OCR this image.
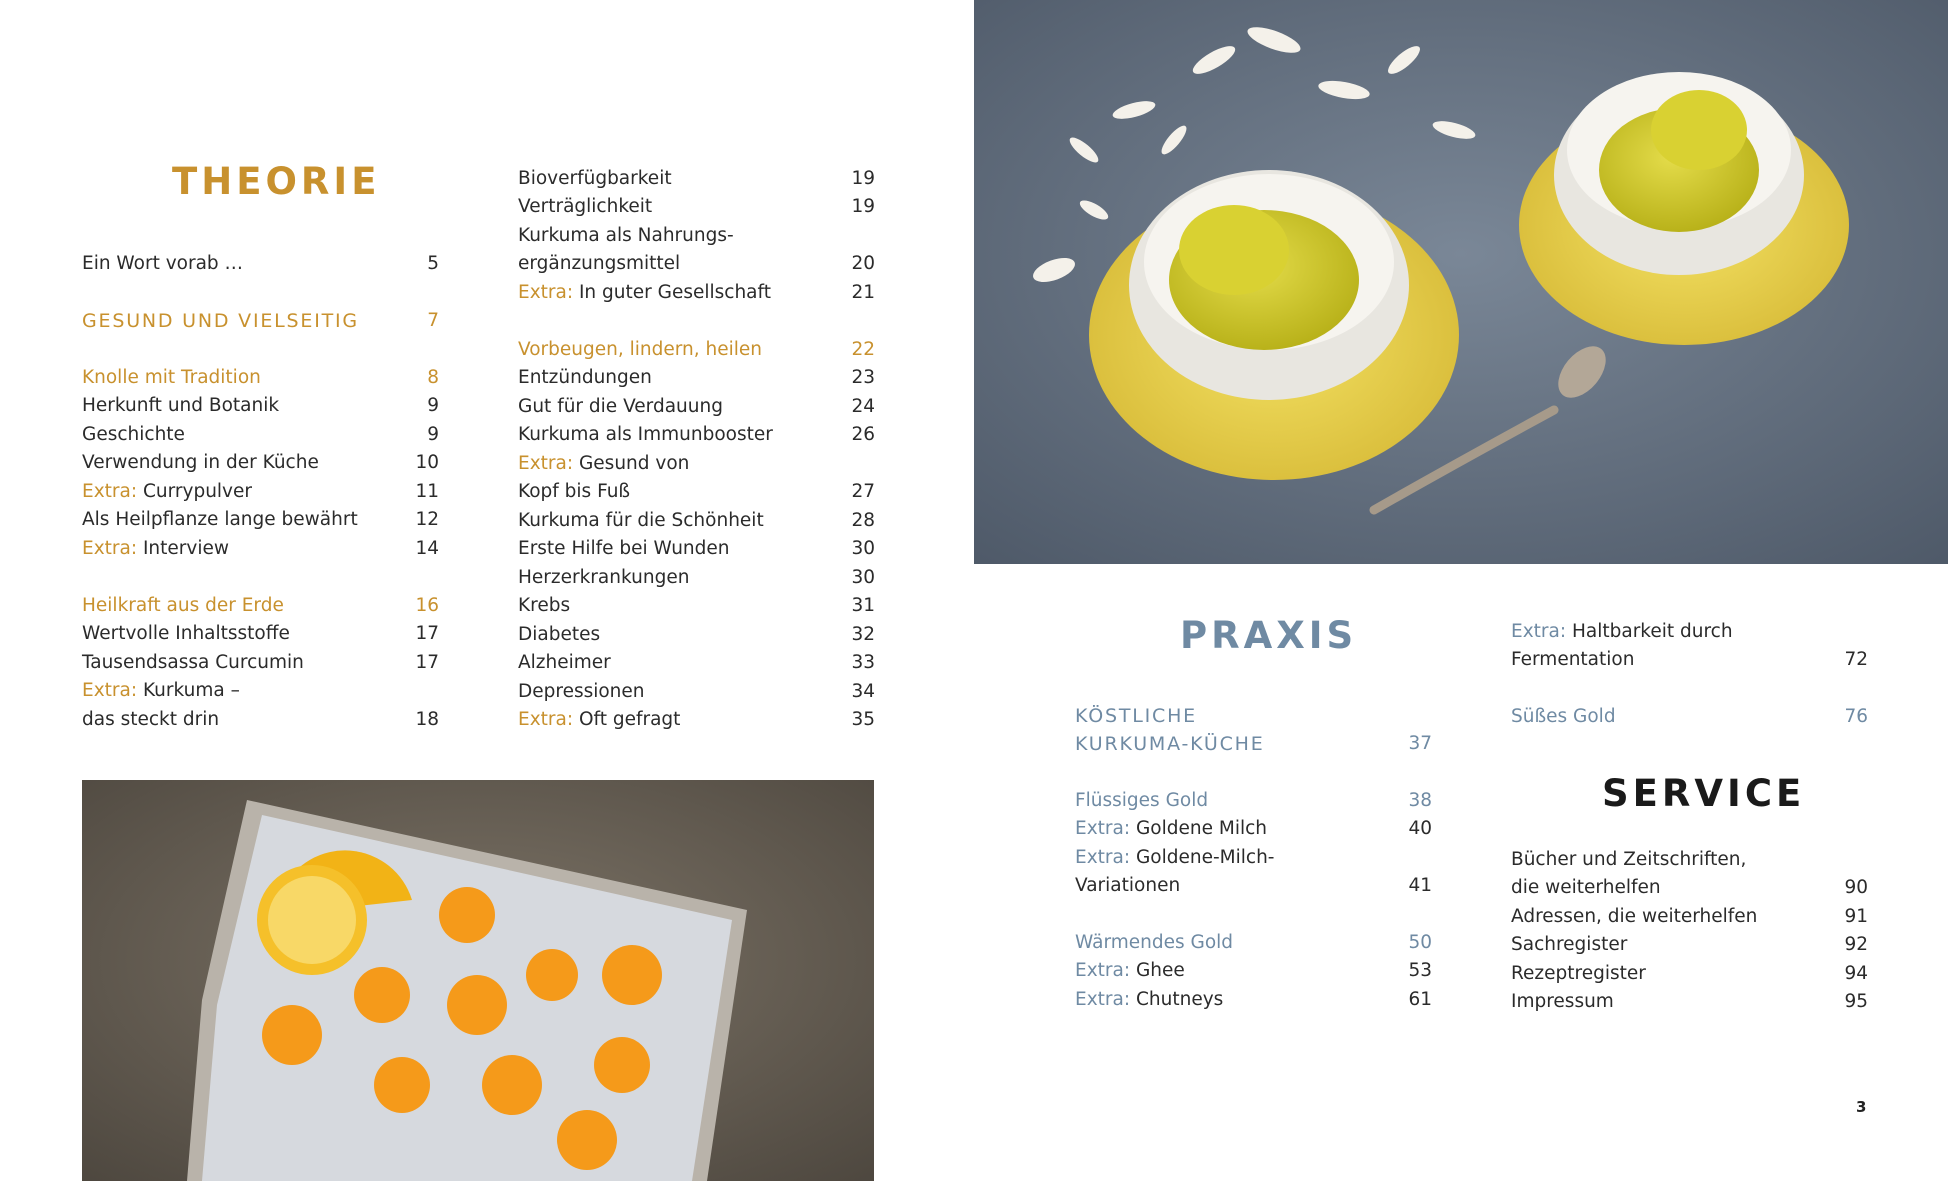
THEORIE
Ein Wort vorab …	5
GESUND UND VIELSEITIG	7
Knolle mit Tradition	8
Herkunft und Botanik	9
Geschichte	9
Verwendung in der Küche	10
Extra: Currypulver	11
Als Heilpflanze lange bewährt	12
Extra: Interview	14
Heilkraft aus der Erde	16
Wertvolle Inhaltsstoffe	17
Tausendsassa Curcumin	17
Extra: Kurkuma –
das steckt drin	18
Bioverfügbarkeit	19
Verträglichkeit	19
Kurkuma als Nahrungs-
ergänzungsmittel	20
Extra: In guter Gesellschaft	21
Vorbeugen, lindern, heilen	22
Entzündungen	23
Gut für die Verdauung	24
Kurkuma als Immunbooster	26
Extra: Gesund von
Kopf bis Fuß	27
Kurkuma für die Schönheit	28
Erste Hilfe bei Wunden	30
Herzerkrankungen	30
Krebs	31
Diabetes	32
Alzheimer	33
Depressionen	34
Extra: Oft gefragt	35
PRAXIS
KÖSTLICHE
KURKUMA-KÜCHE	37
Flüssiges Gold	38
Extra: Goldene Milch	40
Extra: Goldene-Milch-
Variationen	41
Wärmendes Gold	50
Extra: Ghee	53
Extra: Chutneys	61
Extra: Haltbarkeit durch
Fermentation	72
Süßes Gold	76
SERVICE
Bücher und Zeitschriften,
die weiterhelfen	90
Adressen, die weiterhelfen	91
Sachregister	92
Rezeptregister	94
Impressum	95
3
